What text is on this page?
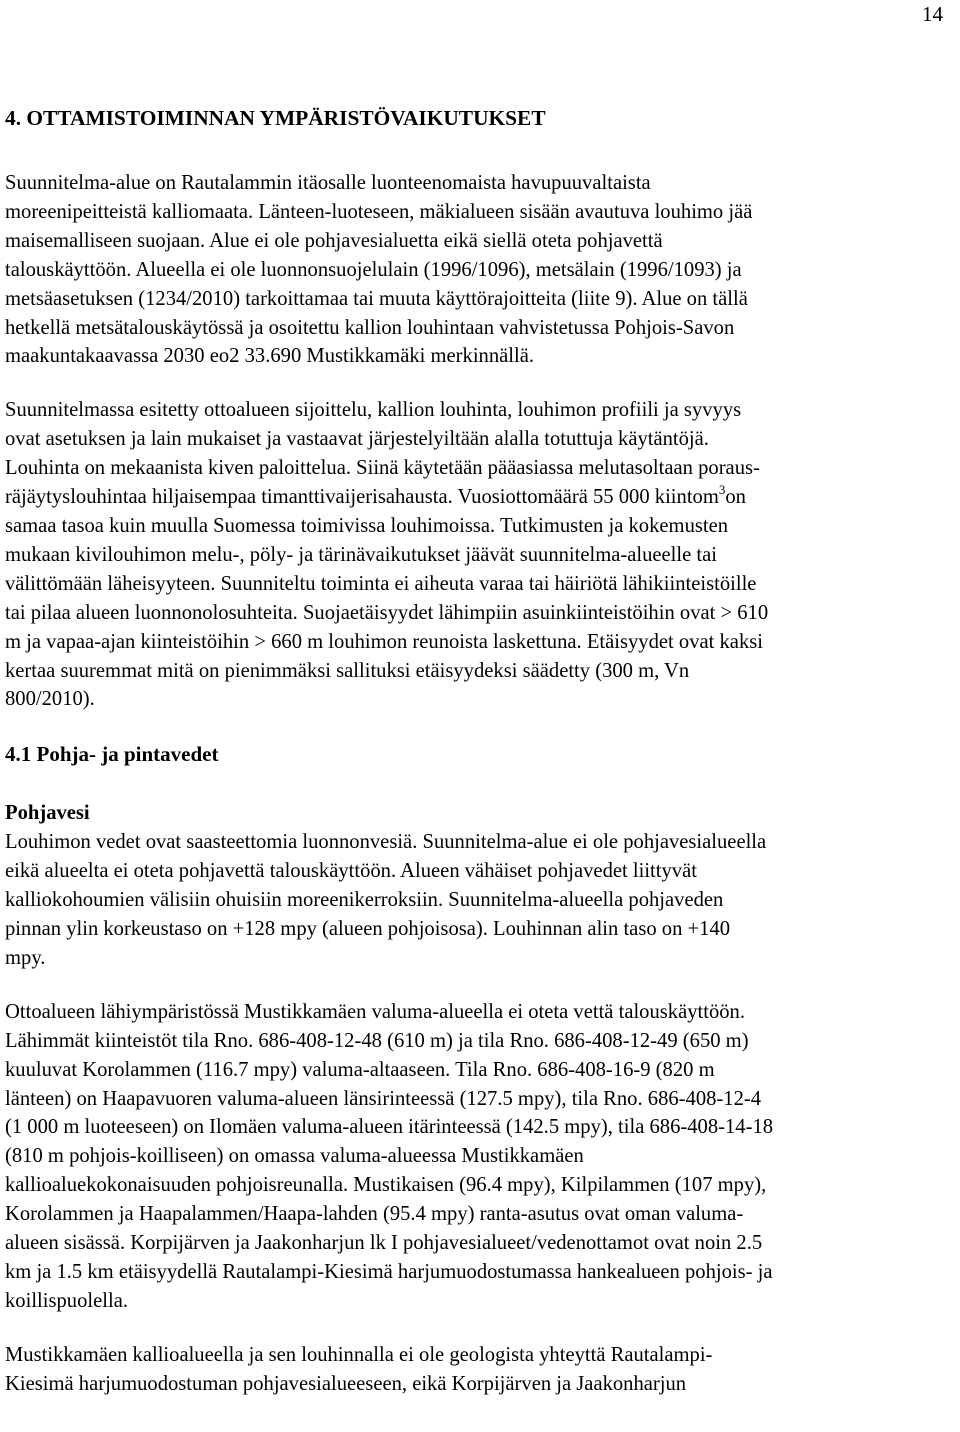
14
4. OTTAMISTOIMINNAN YMPÄRISTÖVAIKUTUKSET
Suunnitelma-alue on Rautalammin itäosalle luonteenomaista havupuuvaltaista
moreenipeitteistä kalliomaata. Länteen-luoteseen, mäkialueen sisään avautuva louhimo jää
maisemalliseen suojaan. Alue ei ole pohjavesialuetta eikä siellä oteta pohjavettä
talouskäyttöön. Alueella ei ole luonnonsuojelulain (1996/1096), metsälain (1996/1093) ja
metsäasetuksen (1234/2010) tarkoittamaa tai muuta käyttörajoitteita (liite 9). Alue on tällä
hetkellä metsätalouskäytössä ja osoitettu kallion louhintaan vahvistetussa Pohjois-Savon
maakuntakaavassa 2030 eo2 33.690 Mustikkamäki merkinnällä.
Suunnitelmassa esitetty ottoalueen sijoittelu, kallion louhinta, louhimon profiili ja syvyys
ovat asetuksen ja lain mukaiset ja vastaavat järjestelyiltään alalla totuttuja käytäntöjä.
Louhinta on mekaanista kiven paloittelua. Siinä käytetään pääasiassa melutasoltaan poraus-
räjäytyslouhintaa hiljaisempaa timanttivaijerisahausta. Vuosiottomäärä 55 000 kiintom$^3$on
samaa tasoa kuin muulla Suomessa toimivissa louhimoissa. Tutkimusten ja kokemusten
mukaan kivilouhimon melu-, pöly- ja tärinävaikutukset jäävät suunnitelma-alueelle tai
välittömään läheisyyteen. Suunniteltu toiminta ei aiheuta varaa tai häiriötä lähikiinteistöille
tai pilaa alueen luonnonolosuhteita. Suojaetäisyydet lähimpiin asuinkiinteistöihin ovat > 610
m ja vapaa-ajan kiinteistöihin > 660 m louhimon reunoista laskettuna. Etäisyydet ovat kaksi
kertaa suuremmat mitä on pienimmäksi sallituksi etäisyydeksi säädetty (300 m, Vn
800/2010).
4.1 Pohja- ja pintavedet
Pohjavesi
Louhimon vedet ovat saasteettomia luonnonvesiä. Suunnitelma-alue ei ole pohjavesialueella
eikä alueelta ei oteta pohjavettä talouskäyttöön. Alueen vähäiset pohjavedet liittyvät
kalliokohoumien välisiin ohuisiin moreenikerroksiin. Suunnitelma-alueella pohjaveden
pinnan ylin korkeustaso on +128 mpy (alueen pohjoisosa). Louhinnan alin taso on +140
mpy.
Ottoalueen lähiympäristössä Mustikkamäen valuma-alueella ei oteta vettä talouskäyttöön.
Lähimmät kiinteistöt tila Rno. 686-408-12-48 (610 m) ja tila Rno. 686-408-12-49 (650 m)
kuuluvat Korolammen (116.7 mpy) valuma-altaaseen. Tila Rno. 686-408-16-9 (820 m
länteen) on Haapavuoren valuma-alueen länsirinteessä (127.5 mpy), tila Rno. 686-408-12-4
(1 000 m luoteeseen) on Ilomäen valuma-alueen itärinteessä (142.5 mpy), tila 686-408-14-18
(810 m pohjois-koilliseen) on omassa valuma-alueessa Mustikkamäen
kallioaluekokonaisuuden pohjoisreunalla. Mustikaisen (96.4 mpy), Kilpilammen (107 mpy),
Korolammen ja Haapalammen/Haapa-lahden (95.4 mpy) ranta-asutus ovat oman valuma-
alueen sisässä. Korpijärven ja Jaakonharjun lk I pohjavesialueet/vedenottamot ovat noin 2.5
km ja 1.5 km etäisyydellä Rautalampi-Kiesimä harjumuodostumassa hankealueen pohjois- ja
koillispuolella.
Mustikkamäen kallioalueella ja sen louhinnalla ei ole geologista yhteyttä Rautalampi-
Kiesimä harjumuodostuman pohjavesialueeseen, eikä Korpijärven ja Jaakonharjun
